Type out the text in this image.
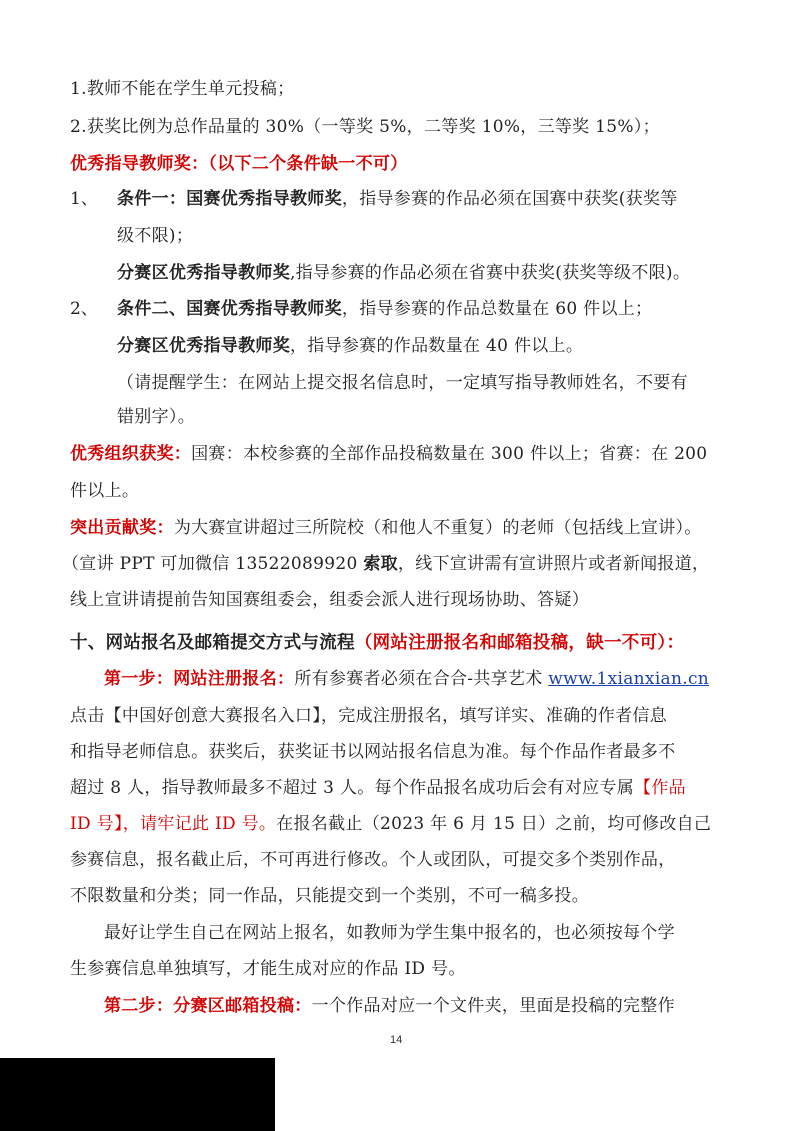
1.教师不能在学生单元投稿；
2.获奖比例为总作品量的 30%（一等奖 5%，二等奖 10%，三等奖 15%）；
优秀指导教师奖：（以下二个条件缺一不可）
1、 条件一：国赛优秀指导教师奖，指导参赛的作品必须在国赛中获奖(获奖等
级不限)；
分赛区优秀指导教师奖,指导参赛的作品必须在省赛中获奖(获奖等级不限)。
2、 条件二、国赛优秀指导教师奖，指导参赛的作品总数量在 60 件以上；
分赛区优秀指导教师奖，指导参赛的作品数量在 40 件以上。
（请提醒学生：在网站上提交报名信息时，一定填写指导教师姓名，不要有
错别字）。
优秀组织获奖：国赛：本校参赛的全部作品投稿数量在 300 件以上；省赛：在 200
件以上。
突出贡献奖：为大赛宣讲超过三所院校（和他人不重复）的老师（包括线上宣讲）。
（宣讲 PPT 可加微信 13522089920 索取，线下宣讲需有宣讲照片或者新闻报道，
线上宣讲请提前告知国赛组委会，组委会派人进行现场协助、答疑）
十、网站报名及邮箱提交方式与流程（网站注册报名和邮箱投稿，缺一不可）：
第一步：网站注册报名：所有参赛者必须在合合-共享艺术 www.1xianxian.cn
点击【中国好创意大赛报名入口】，完成注册报名，填写详实、准确的作者信息
和指导老师信息。获奖后，获奖证书以网站报名信息为准。每个作品作者最多不
超过 8 人，指导教师最多不超过 3 人。每个作品报名成功后会有对应专属【作品
ID 号】，请牢记此 ID 号。在报名截止（2023 年 6 月 15 日）之前，均可修改自己
参赛信息，报名截止后，不可再进行修改。个人或团队，可提交多个类别作品，
不限数量和分类；同一作品，只能提交到一个类别，不可一稿多投。
最好让学生自己在网站上报名，如教师为学生集中报名的，也必须按每个学
生参赛信息单独填写，才能生成对应的作品 ID 号。
第二步：分赛区邮箱投稿：一个作品对应一个文件夹，里面是投稿的完整作
14
